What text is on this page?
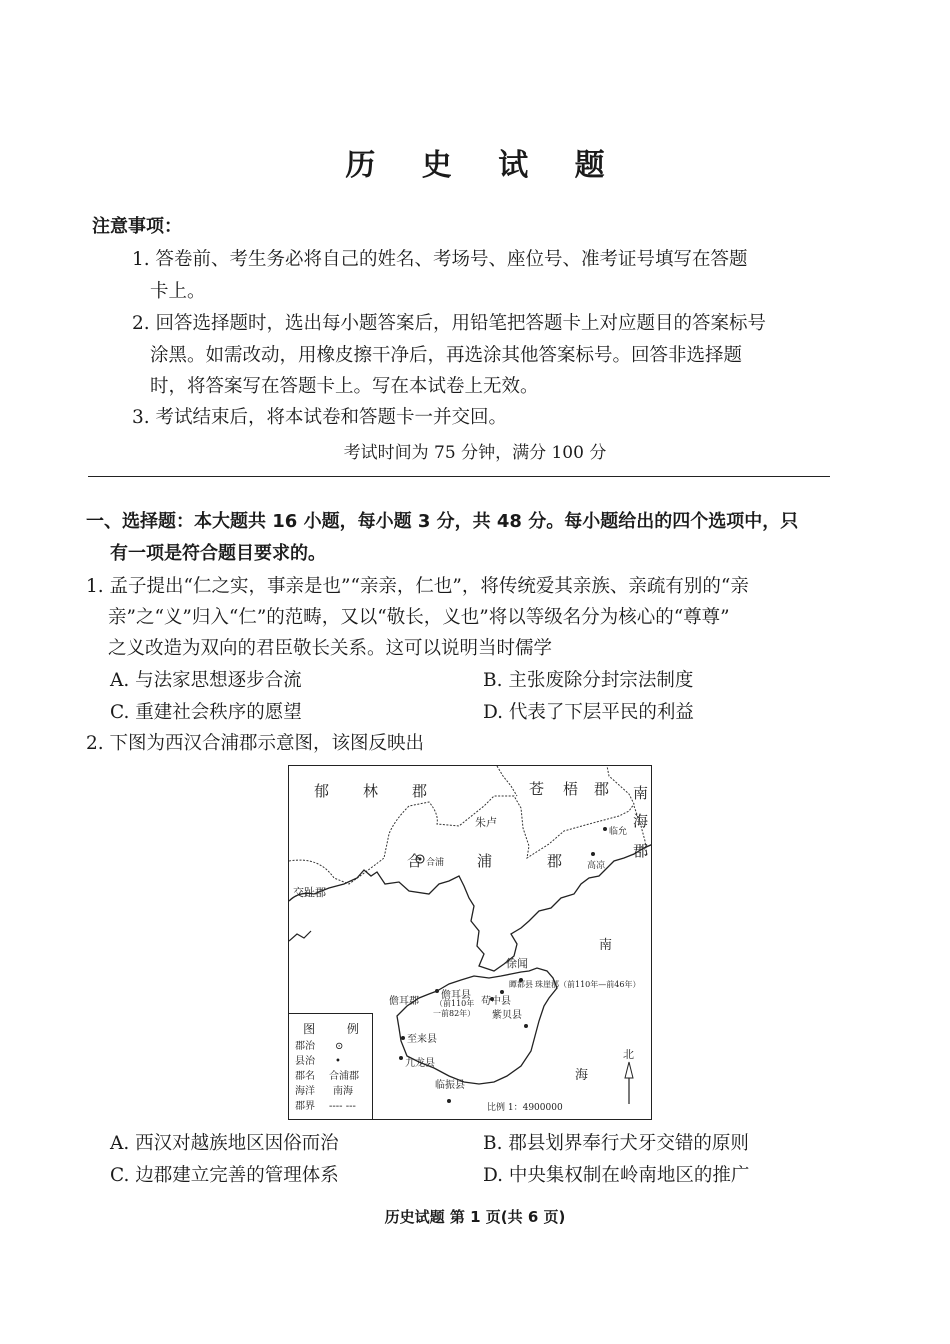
历 史 试 题
注意事项：
1. 答卷前、考生务必将自己的姓名、考场号、座位号、准考证号填写在答题
卡上。
2. 回答选择题时，选出每小题答案后，用铅笔把答题卡上对应题目的答案标号
涂黑。如需改动，用橡皮擦干净后，再选涂其他答案标号。回答非选择题
时，将答案写在答题卡上。写在本试卷上无效。
3. 考试结束后，将本试卷和答题卡一并交回。
考试时间为 75 分钟，满分 100 分
一、选择题：本大题共 16 小题，每小题 3 分，共 48 分。每小题给出的四个选项中，只
有一项是符合题目要求的。
1. 孟子提出“仁之实，事亲是也”“亲亲，仁也”，将传统爱其亲族、亲疏有别的“亲
亲”之“义”归入“仁”的范畴，又以“敬长，义也”将以等级名分为核心的“尊尊”
之义改造为双向的君臣敬长关系。这可以说明当时儒学
A. 与法家思想逐步合流	B. 主张废除分封宗法制度
C. 重建社会秩序的愿望	D. 代表了下层平民的利益
2. 下图为西汉合浦郡示意图，该图反映出
郁 林 郡	苍 梧 郡 南
海
郡
合	浦	郡
交趾郡
朱卢
合浦
临允
高凉
徐闻
儋耳郡
儋耳县
（前110年
一前82年）
苟中县
瞫都县 珠崖郡（前110年—前46年）
紫贝县
至来县
九龙县
临振县
南
海
北
比例 1：4900000
图 例
郡治 ⊙
县治 •
郡名 合浦郡
海洋 南海
郡界 ---- ---
A. 西汉对越族地区因俗而治	B. 郡县划界奉行犬牙交错的原则
C. 边郡建立完善的管理体系	D. 中央集权制在岭南地区的推广
历史试题 第 1 页(共 6 页)
